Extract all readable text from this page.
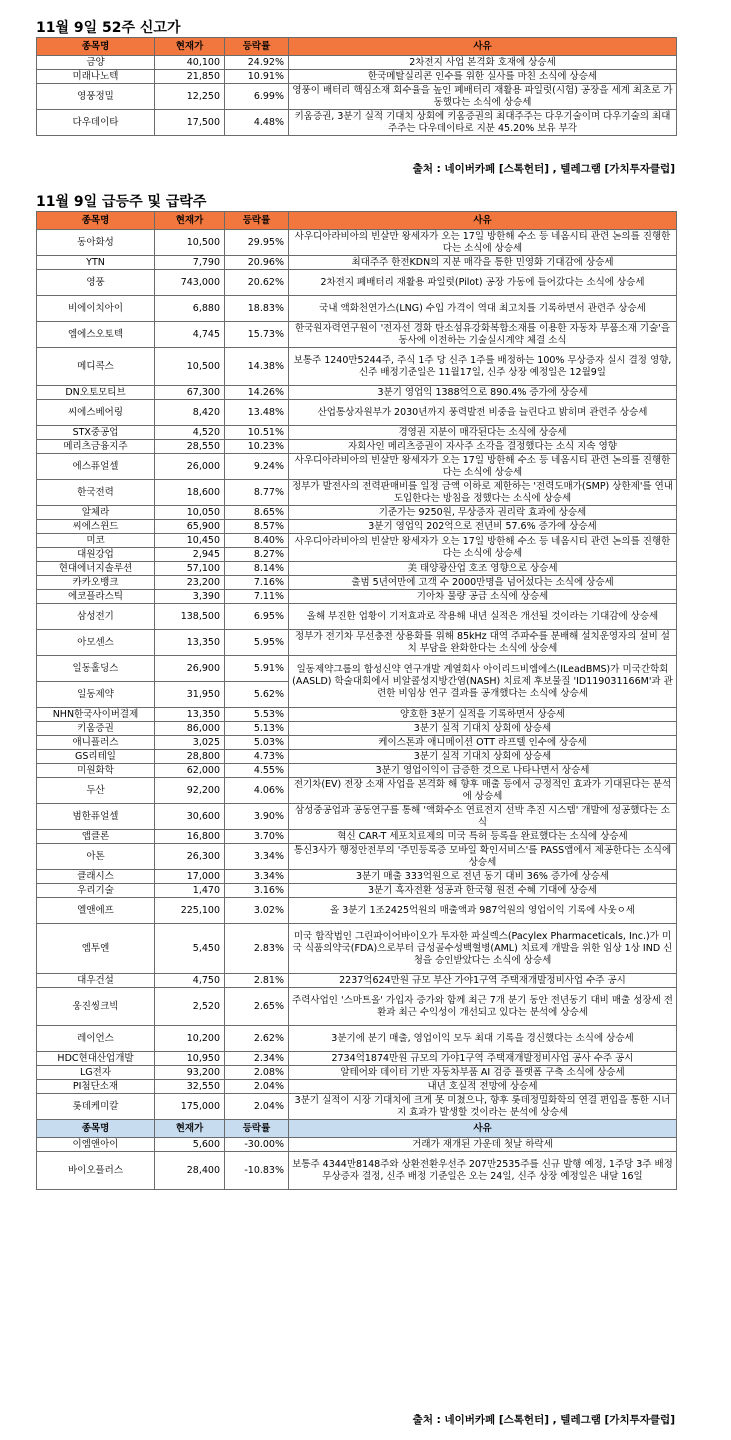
11월 9일 52주 신고가
종목명	현재가	등락률	사유
금양	40,100	24.92%	2차전지 사업 본격화 호재에 상승세
미래나노텍	21,850	10.91%	한국메탈실리콘 인수를 위한 실사를 마친 소식에 상승세
영풍정밀	12,250	6.99%	영풍이 배터리 핵심소재 회수율을 높인 폐배터리 재활용 파일럿(시험) 공장을 세계 최초로 가동했다는 소식에 상승세
다우데이타	17,500	4.48%	키움증권, 3분기 실적 기대치 상회에 키움증권의 최대주주는 다우기술이며 다우기술의 최대주주는 다우데이타로 지분 45.20% 보유 부각
출처 : 네이버카페 [스톡헌터] , 텔레그램 [가치투자클럽]
11월 9일 급등주 및 급락주
종목명	현재가	등락률	사유
동아화성	10,500	29.95%	사우디아라비아의 빈살만 왕세자가 오는 17일 방한해 수소 등 네옴시티 관련 논의를 진행한다는 소식에 상승세
YTN	7,790	20.96%	최대주주 한전KDN의 지분 매각을 통한 민영화 기대감에 상승세
영풍	743,000	20.62%	2차전지 폐배터리 재활용 파일럿(Pilot) 공장 가동에 들어갔다는 소식에 상승세
비에이치아이	6,880	18.83%	국내 액화천연가스(LNG) 수입 가격이 역대 최고치를 기록하면서 관련주 상승세
엠에스오토텍	4,745	15.73%	한국원자력연구원이 '전자선 경화 탄소섬유강화복합소재를 이용한 자동차 부품소재 기술'을 동사에 이전하는 기술실시계약 체결 소식
메디콕스	10,500	14.38%	보통주 1240만5244주, 주식 1주 당 신주 1주를 배정하는 100% 무상증자 실시 결정 영향, 신주 배정기준일은 11월17일, 신주 상장 예정일은 12월9일
DN오토모티브	67,300	14.26%	3분기 영업익 1388억으로 890.4% 증가에 상승세
씨에스베어링	8,420	13.48%	산업통상자원부가 2030년까지 풍력발전 비중을 늘린다고 밝히며 관련주 상승세
STX중공업	4,520	10.51%	경영권 지분이 매각된다는 소식에 상승세
메리츠금융지주	28,550	10.23%	자회사인 메리츠증권이 자사주 소각을 결정했다는 소식 지속 영향
에스퓨얼셀	26,000	9.24%	사우디아라비아의 빈살만 왕세자가 오는 17일 방한해 수소 등 네옴시티 관련 논의를 진행한다는 소식에 상승세
한국전력	18,600	8.77%	정부가 발전사의 전력판매비를 일정 금액 이하로 제한하는 '전력도매가(SMP) 상한제'를 연내 도입한다는 방침을 정했다는 소식에 상승세
알체라	10,050	8.65%	기준가는 9250원, 무상증자 권리락 효과에 상승세
씨에스윈드	65,900	8.57%	3분기 영업익 202억으로 전년비 57.6% 증가에 상승세
미코	10,450	8.40%	사우디아라비아의 빈살만 왕세자가 오는 17일 방한해 수소 등 네옴시티 관련 논의를 진행한다는 소식에 상승세
대원강업	2,945	8.27%	
현대에너지솔루션	57,100	8.14%	美 태양광산업 호조 영향으로 상승세
카카오뱅크	23,200	7.16%	출범 5년여만에 고객 수 2000만명을 넘어섰다는 소식에 상승세
에코플라스틱	3,390	7.11%	기아차 물량 공급 소식에 상승세
삼성전기	138,500	6.95%	올해 부진한 업황이 기저효과로 작용해 내년 실적은 개선될 것이라는 기대감에 상승세
아모센스	13,350	5.95%	정부가 전기차 무선충전 상용화를 위해 85kHz 대역 주파수를 분배해 설치운영자의 설비 설치 부담을 완화한다는 소식에 상승세
일동홀딩스	26,900	5.91%	일동제약그룹의 합성신약 연구개발 계열회사 아이리드비엠에스(ILeadBMS)가 미국간학회(AASLD) 학술대회에서 비알콜성지방간염(NASH) 치료제 후보물질 'ID119031166M'과 관련한 비임상 연구 결과를 공개했다는 소식에 상승세
일동제약	31,950	5.62%	
NHN한국사이버결제	13,350	5.53%	양호한 3분기 실적을 기록하면서 상승세
키움증권	86,000	5.13%	3분기 실적 기대치 상회에 상승세
애니플러스	3,025	5.03%	케이스톤과 애니메이션 OTT 라프텔 인수에 상승세
GS리테일	28,800	4.73%	3분기 실적 기대치 상회에 상승세
미원화학	62,000	4.55%	3분기 영업이익이 급증한 것으로 나타나면서 상승세
두산	92,200	4.06%	전기차(EV) 전장 소재 사업을 본격화 해 향후 매출 등에서 긍정적인 효과가 기대된다는 분석에 상승세
범한퓨얼셀	30,600	3.90%	삼성중공업과 공동연구를 통해 '액화수소 연료전지 선박 추진 시스템' 개발에 성공했다는 소식
앱클론	16,800	3.70%	혁신 CAR-T 세포치료제의 미국 특허 등록을 완료했다는 소식에 상승세
아톤	26,300	3.34%	통신3사가 행정안전부의 '주민등록증 모바일 확인서비스'를 PASS앱에서 제공한다는 소식에 상승세
클래시스	17,000	3.34%	3분기 매출 333억원으로 전년 동기 대비 36% 증가에 상승세
우리기술	1,470	3.16%	3분기 흑자전환 성공과 한국형 원전 수혜 기대에 상승세
엘앤에프	225,100	3.02%	올 3분기 1조2425억원의 매출액과 987억원의 영업이익 기록에 사웃ㅇ세
엠투엔	5,450	2.83%	미국 합작법인 그린파이어바이오가 투자한 파실렉스(Pacylex Pharmaceticals, Inc.)가 미국 식품의약국(FDA)으로부터 급성골수성백혈병(AML) 치료제 개발을 위한 임상 1상 IND 신청을 승인받았다는 소식에 상승세
대우건설	4,750	2.81%	2237억624만원 규모 부산 가야1구역 주택재개발정비사업 수주 공시
웅진씽크빅	2,520	2.65%	주력사업인 '스마트올' 가입자 증가와 함께 최근 7개 분기 동안 전년동기 대비 매출 성장세 전환과 최근 수익성이 개선되고 있다는 분석에 상승세
레이언스	10,200	2.62%	3분기에 분기 매출, 영업이익 모두 최대 기록을 경신했다는 소식에 상승세
HDC현대산업개발	10,950	2.34%	2734억1874만원 규모의 가야1구역 주택재개발정비사업 공사 수주 공시
LG전자	93,200	2.08%	알테어와 데이터 기반 자동차부품 AI 검증 플랫폼 구축 소식에 상승세
PI첨단소재	32,550	2.04%	내년 호실적 전망에 상승세
롯데케미칼	175,000	2.04%	3분기 실적이 시장 기대치에 크게 못 미쳤으나, 향후 롯데정밀화학의 연결 편입을 통한 시너지 효과가 발생할 것이라는 분석에 상승세
종목명	현재가	등락률	사유
이엠앤아이	5,600	-30.00%	거래가 재개된 가운데 첫날 하락세
바이오플러스	28,400	-10.83%	보통주 4344만8148주와 상환전환우선주 207만2535주를 신규 발행 예정, 1주당 3주 배정 무상증자 결정, 신주 배정 기준일은 오는 24일, 신주 상장 예정일은 내달 16일
출처 : 네이버카페 [스톡헌터] , 텔레그램 [가치투자클럽]
